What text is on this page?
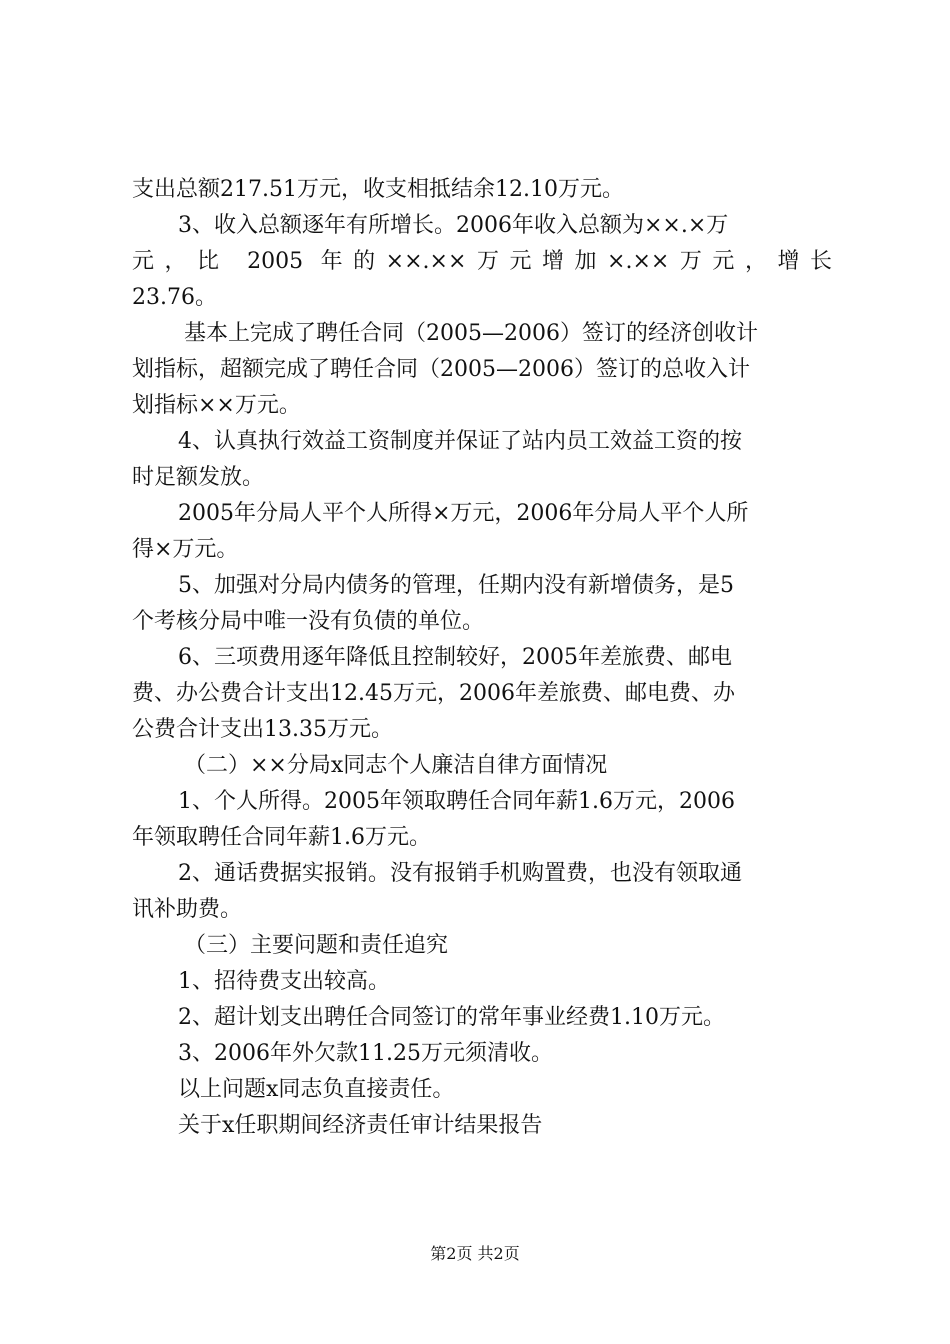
支出总额217.51万元，收支相抵结余12.10万元。
3、收入总额逐年有所增长。2006年收入总额为××.×万
元，比 2005 年的××.××万元增加×.××万元，增长
23.76。
基本上完成了聘任合同（2005—2006）签订的经济创收计
划指标，超额完成了聘任合同（2005—2006）签订的总收入计
划指标××万元。
4、认真执行效益工资制度并保证了站内员工效益工资的按
时足额发放。
2005年分局人平个人所得×万元，2006年分局人平个人所
得×万元。
5、加强对分局内债务的管理，任期内没有新增债务，是5
个考核分局中唯一没有负债的单位。
6、三项费用逐年降低且控制较好，2005年差旅费、邮电
费、办公费合计支出12.45万元，2006年差旅费、邮电费、办
公费合计支出13.35万元。
（二）××分局x同志个人廉洁自律方面情况
1、个人所得。2005年领取聘任合同年薪1.6万元，2006
年领取聘任合同年薪1.6万元。
2、通话费据实报销。没有报销手机购置费，也没有领取通
讯补助费。
（三）主要问题和责任追究
1、招待费支出较高。
2、超计划支出聘任合同签订的常年事业经费1.10万元。
3、2006年外欠款11.25万元须清收。
以上问题x同志负直接责任。
关于x任职期间经济责任审计结果报告
第2页 共2页
